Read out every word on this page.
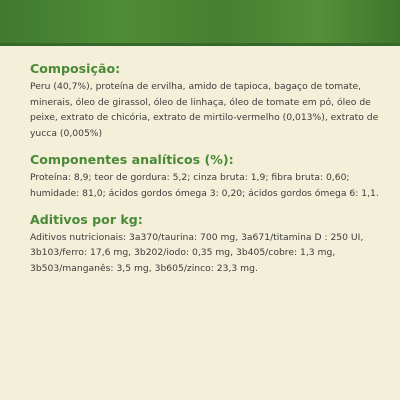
Composição:

Peru (40,7%), proteína de ervilha, amido de tapioca, bagaço de tomate, minerais, óleo de girassol, óleo de linhaça, óleo de tomate em pó, óleo de peixe, extrato de chicória, extrato de mirtilo-vermelho (0,013%), extrato de yucca (0,005%)

Componentes analíticos (%):

Proteína: 8,9; teor de gordura: 5,2; cinza bruta: 1,9; fibra bruta: 0,60; humidade: 81,0; ácidos gordos ómega 3: 0,20; ácidos gordos ómega 6: 1,1.

Aditivos por kg:

Aditivos nutricionais: 3a370/taurina: 700 mg, 3a671/titamina D : 250 UI, 3b103/ferro: 17,6 mg, 3b202/iodo: 0,35 mg, 3b405/cobre: 1,3 mg, 3b503/manganês: 3,5 mg, 3b605/zinco: 23,3 mg.
